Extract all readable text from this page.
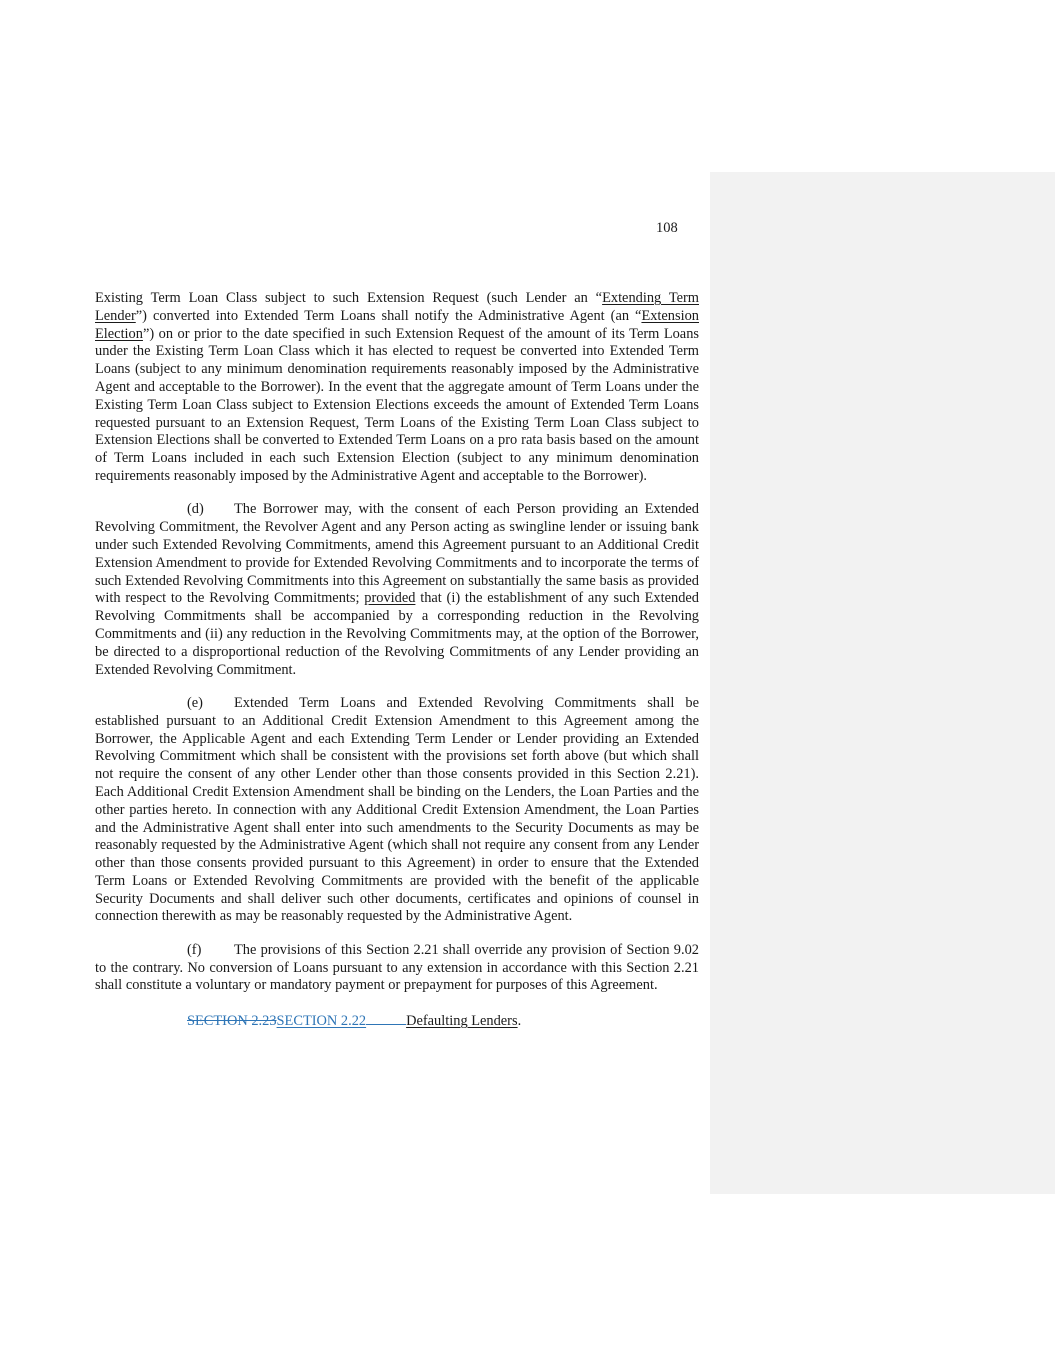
108

Existing Term Loan Class subject to such Extension Request (such Lender an “Extending Term Lender”) converted into Extended Term Loans shall notify the Administrative Agent (an “Extension Election”) on or prior to the date specified in such Extension Request of the amount of its Term Loans under the Existing Term Loan Class which it has elected to request be converted into Extended Term Loans (subject to any minimum denomination requirements reasonably imposed by the Administrative Agent and acceptable to the Borrower). In the event that the aggregate amount of Term Loans under the Existing Term Loan Class subject to Extension Elections exceeds the amount of Extended Term Loans requested pursuant to an Extension Request, Term Loans of the Existing Term Loan Class subject to Extension Elections shall be converted to Extended Term Loans on a pro rata basis based on the amount of Term Loans included in each such Extension Election (subject to any minimum denomination requirements reasonably imposed by the Administrative Agent and acceptable to the Borrower).

(d) The Borrower may, with the consent of each Person providing an Extended Revolving Commitment, the Revolver Agent and any Person acting as swingline lender or issuing bank under such Extended Revolving Commitments, amend this Agreement pursuant to an Additional Credit Extension Amendment to provide for Extended Revolving Commitments and to incorporate the terms of such Extended Revolving Commitments into this Agreement on substantially the same basis as provided with respect to the Revolving Commitments; provided that (i) the establishment of any such Extended Revolving Commitments shall be accompanied by a corresponding reduction in the Revolving Commitments and (ii) any reduction in the Revolving Commitments may, at the option of the Borrower, be directed to a disproportional reduction of the Revolving Commitments of any Lender providing an Extended Revolving Commitment.

(e) Extended Term Loans and Extended Revolving Commitments shall be established pursuant to an Additional Credit Extension Amendment to this Agreement among the Borrower, the Applicable Agent and each Extending Term Lender or Lender providing an Extended Revolving Commitment which shall be consistent with the provisions set forth above (but which shall not require the consent of any other Lender other than those consents provided in this Section 2.21). Each Additional Credit Extension Amendment shall be binding on the Lenders, the Loan Parties and the other parties hereto. In connection with any Additional Credit Extension Amendment, the Loan Parties and the Administrative Agent shall enter into such amendments to the Security Documents as may be reasonably requested by the Administrative Agent (which shall not require any consent from any Lender other than those consents provided pursuant to this Agreement) in order to ensure that the Extended Term Loans or Extended Revolving Commitments are provided with the benefit of the applicable Security Documents and shall deliver such other documents, certificates and opinions of counsel in connection therewith as may be reasonably requested by the Administrative Agent.

(f) The provisions of this Section 2.21 shall override any provision of Section 9.02 to the contrary. No conversion of Loans pursuant to any extension in accordance with this Section 2.21 shall constitute a voluntary or mandatory payment or prepayment for purposes of this Agreement.

SECTION 2.23SECTION 2.22	Defaulting Lenders.
